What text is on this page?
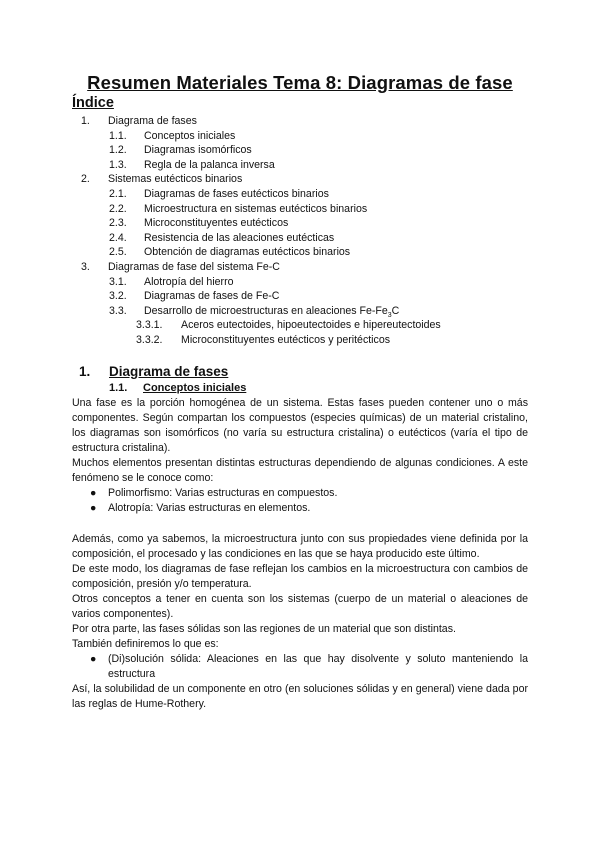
Resumen Materiales Tema 8: Diagramas de fase
Índice
1. Diagrama de fases
1.1. Conceptos iniciales
1.2. Diagramas isomórficos
1.3. Regla de la palanca inversa
2. Sistemas eutécticos binarios
2.1. Diagramas de fases eutécticos binarios
2.2. Microestructura en sistemas eutécticos binarios
2.3. Microconstituyentes eutécticos
2.4. Resistencia de las aleaciones eutécticas
2.5. Obtención de diagramas eutécticos binarios
3. Diagramas de fase del sistema Fe-C
3.1. Alotropía del hierro
3.2. Diagramas de fases de Fe-C
3.3. Desarrollo de microestructuras en aleaciones $Fe-Fe_3C$
3.3.1. Aceros eutectoides, hipoeutectoides e hipereutectoides
3.3.2. Microconstituyentes eutécticos y peritécticos
1. Diagrama de fases
1.1. Conceptos iniciales

Una fase es la porción homogénea de un sistema. Estas fases pueden contener uno o más componentes. Según compartan los compuestos (especies químicas) de un material cristalino, los diagramas son isomórficos (no varía su estructura cristalina) o eutécticos (varía el tipo de estructura cristalina).

Muchos elementos presentan distintas estructuras dependiendo de algunas condiciones. A este fenómeno se le conoce como:

● Polimorfismo: Varias estructuras en compuestos.
● Alotropía: Varias estructuras en elementos.

Además, como ya sabemos, la microestructura junto con sus propiedades viene definida por la composición, el procesado y las condiciones en las que se haya producido este último.

De este modo, los diagramas de fase reflejan los cambios en la microestructura con cambios de composición, presión y/o temperatura.

Otros conceptos a tener en cuenta son los sistemas (cuerpo de un material o aleaciones de varios componentes).

Por otra parte, las fases sólidas son las regiones de un material que son distintas.

También definiremos lo que es:

● (Di)solución sólida: Aleaciones en las que hay disolvente y soluto manteniendo la estructura

Así, la solubilidad de un componente en otro (en soluciones sólidas y en general) viene dada por las reglas de Hume-Rothery.
